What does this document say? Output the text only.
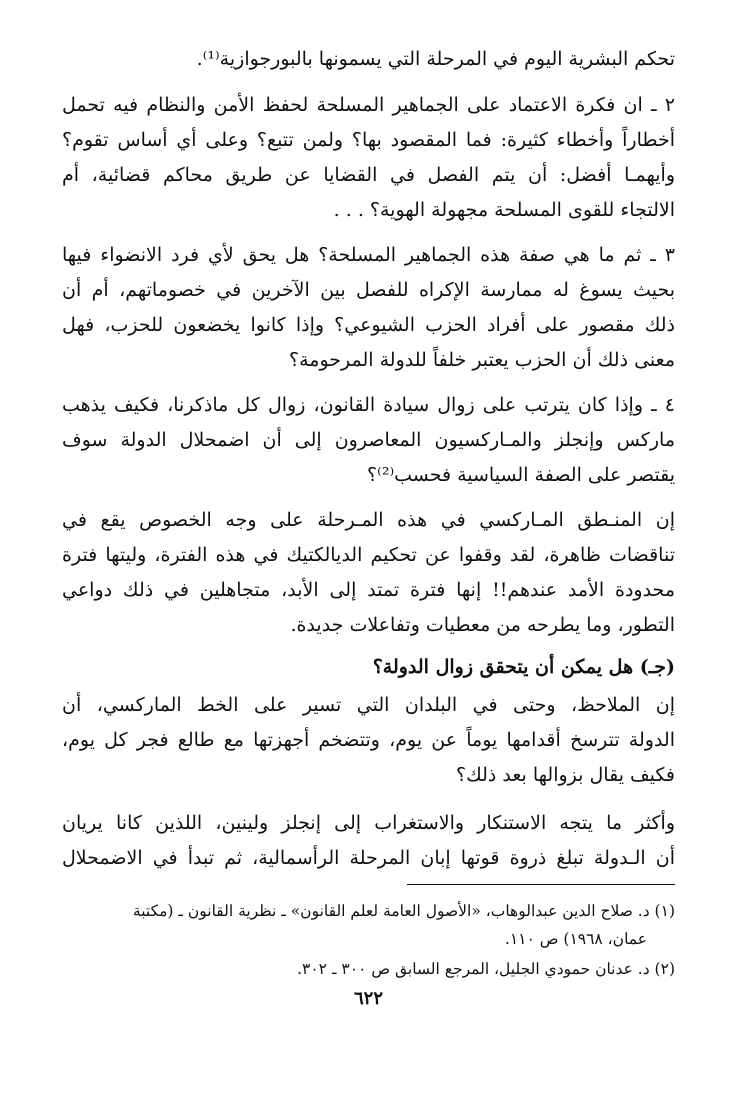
تحكم البشرية اليوم في المرحلة التي يسمونها بالبورجوازية⁽¹⁾.
٢ ـ ان فكرة الاعتماد على الجماهير المسلحة لحفظ الأمن والنظام فيه تحمل
أخطاراً وأخطاء كثيرة: فما المقصود بها؟ ولمن تتبع؟ وعلى أي أساس تقوم؟
وأيهمـا أفضل: أن يتم الفصل في القضايا عن طريق محاكم قضائية، أم
الالتجاء للقوى المسلحة مجهولة الهوية؟ . . .
٣ ـ ثم ما هي صفة هذه الجماهير المسلحة؟ هل يحق لأي فرد الانضواء فيها
بحيث يسوغ له ممارسة الإكراه للفصل بين الآخرين في خصوماتهم، أم أن
ذلك مقصور على أفراد الحزب الشيوعي؟ وإذا كانوا يخضعون للحزب، فهل
معنى ذلك أن الحزب يعتبر خلفاً للدولة المرحومة؟
٤ ـ وإذا كان يترتب على زوال سيادة القانون، زوال كل ماذكرنا، فكيف يذهب
ماركس وإنجلز والمـاركسيون المعاصرون إلى أن اضمحلال الدولة سوف
يقتصر على الصفة السياسية فحسب⁽²⁾؟
إن المنـطق المـاركسي في هذه المـرحلة على وجه الخصوص يقع في
تناقضات ظاهرة، لقد وقفوا عن تحكيم الديالكتيك في هذه الفترة، وليتها فترة
محدودة الأمد عندهم!! إنها فترة تمتد إلى الأبد، متجاهلين في ذلك دواعي
التطور، وما يطرحه من معطيات وتفاعلات جديدة.
(جـ) هل يمكن أن يتحقق زوال الدولة؟
إن الملاحظ، وحتى في البلدان التي تسير على الخط الماركسي، أن
الدولة تترسخ أقدامها يوماً عن يوم، وتتضخم أجهزتها مع طالع فجر كل يوم،
فكيف يقال بزوالها بعد ذلك؟
وأكثر ما يتجه الاستنكار والاستغراب إلى إنجلز ولينين، اللذين كانا يريان
أن الـدولة تبلغ ذروة قوتها إبان المرحلة الرأسمالية، ثم تبدأ في الاضمحلال
(١) د. صلاح الدين عبدالوهاب، «الأصول العامة لعلم القانون» ـ نظرية القانون ـ (مكتبة
عمان، ١٩٦٨) ص ١١٠.
(٢) د. عدنان حمودي الجليل، المرجع السابق ص ٣٠٠ ـ ٣٠٢.
٦٢٢
